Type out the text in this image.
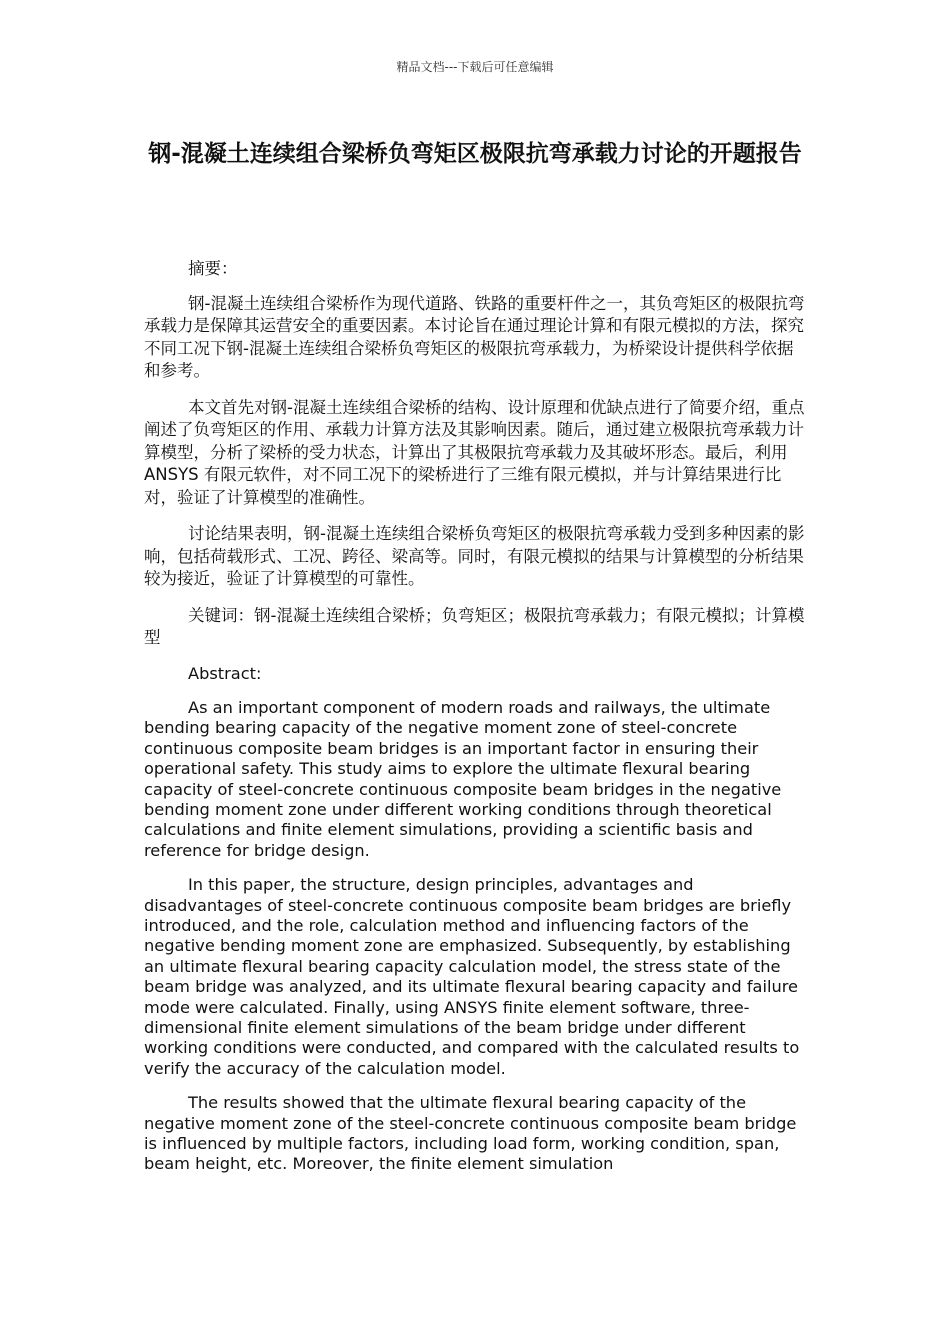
精品文档---下载后可任意编辑
钢-混凝土连续组合梁桥负弯矩区极限抗弯承载力讨论的开题报告

摘要：

钢-混凝土连续组合梁桥作为现代道路、铁路的重要杆件之一，其负弯矩区的极限抗弯承载力是保障其运营安全的重要因素。本讨论旨在通过理论计算和有限元模拟的方法，探究不同工况下钢-混凝土连续组合梁桥负弯矩区的极限抗弯承载力，为桥梁设计提供科学依据和参考。

本文首先对钢-混凝土连续组合梁桥的结构、设计原理和优缺点进行了简要介绍，重点阐述了负弯矩区的作用、承载力计算方法及其影响因素。随后，通过建立极限抗弯承载力计算模型，分析了梁桥的受力状态，计算出了其极限抗弯承载力及其破坏形态。最后，利用 ANSYS 有限元软件，对不同工况下的梁桥进行了三维有限元模拟，并与计算结果进行比对，验证了计算模型的准确性。

讨论结果表明，钢-混凝土连续组合梁桥负弯矩区的极限抗弯承载力受到多种因素的影响，包括荷载形式、工况、跨径、梁高等。同时，有限元模拟的结果与计算模型的分析结果较为接近，验证了计算模型的可靠性。

关键词：钢-混凝土连续组合梁桥；负弯矩区；极限抗弯承载力；有限元模拟；计算模型

Abstract:

As an important component of modern roads and railways, the ultimate bending bearing capacity of the negative moment zone of steel-concrete continuous composite beam bridges is an important factor in ensuring their operational safety. This study aims to explore the ultimate flexural bearing capacity of steel-concrete continuous composite beam bridges in the negative bending moment zone under different working conditions through theoretical calculations and finite element simulations, providing a scientific basis and reference for bridge design.

In this paper, the structure, design principles, advantages and disadvantages of steel-concrete continuous composite beam bridges are briefly introduced, and the role, calculation method and influencing factors of the negative bending moment zone are emphasized. Subsequently, by establishing an ultimate flexural bearing capacity calculation model, the stress state of the beam bridge was analyzed, and its ultimate flexural bearing capacity and failure mode were calculated. Finally, using ANSYS finite element software, three-dimensional finite element simulations of the beam bridge under different working conditions were conducted, and compared with the calculated results to verify the accuracy of the calculation model.

The results showed that the ultimate flexural bearing capacity of the negative moment zone of the steel-concrete continuous composite beam bridge is influenced by multiple factors, including load form, working condition, span, beam height, etc. Moreover, the finite element simulation
